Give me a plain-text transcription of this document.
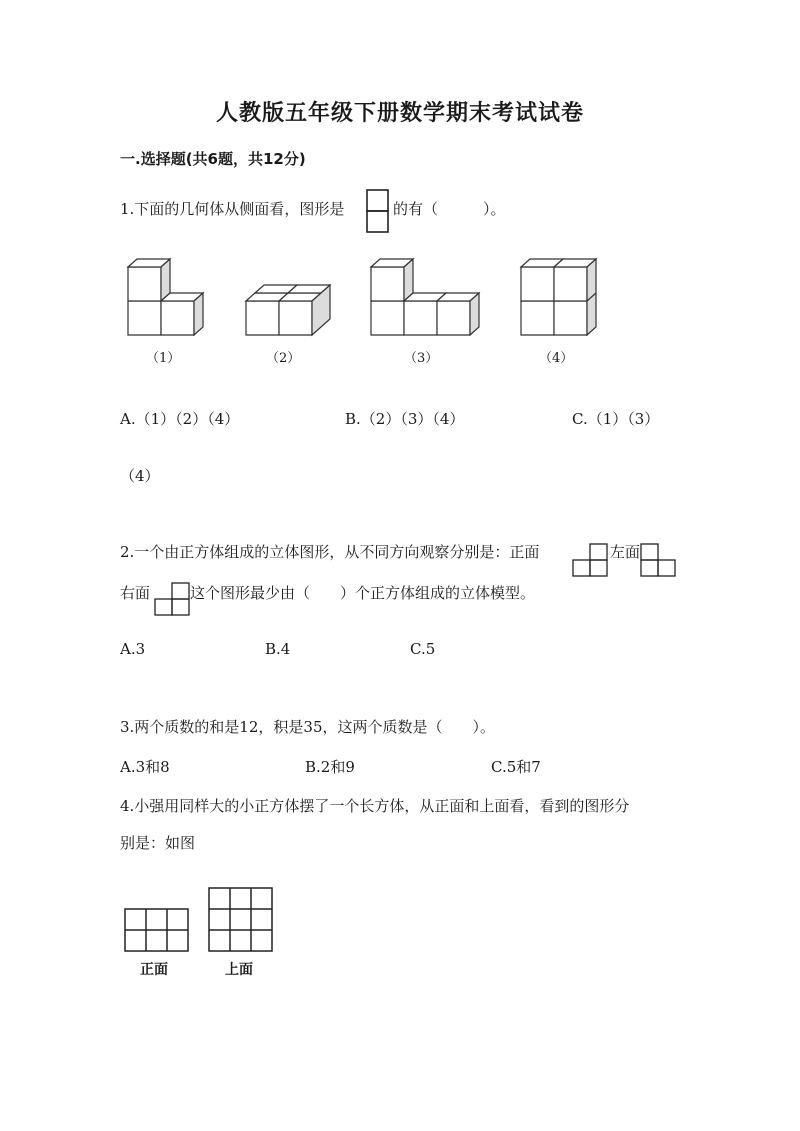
人教版五年级下册数学期末考试试卷
一.选择题(共6题，共12分)
1.下面的几何体从侧面看，图形是	的有（　　　）。
（1）	（2）	（3）	（4）
A.（1）（2）（4）	B.（2）（3）（4）	C.（1）（3）
（4）
2.一个由正方体组成的立体图形，从不同方向观察分别是：正面	左面
右面	这个图形最少由（　　）个正方体组成的立体模型。
A.3	B.4	C.5
3.两个质数的和是12，积是35，这两个质数是（　　）。
A.3和8	B.2和9	C.5和7
4.小强用同样大的小正方体摆了一个长方体，从正面和上面看，看到的图形分
别是：如图
正面	上面
